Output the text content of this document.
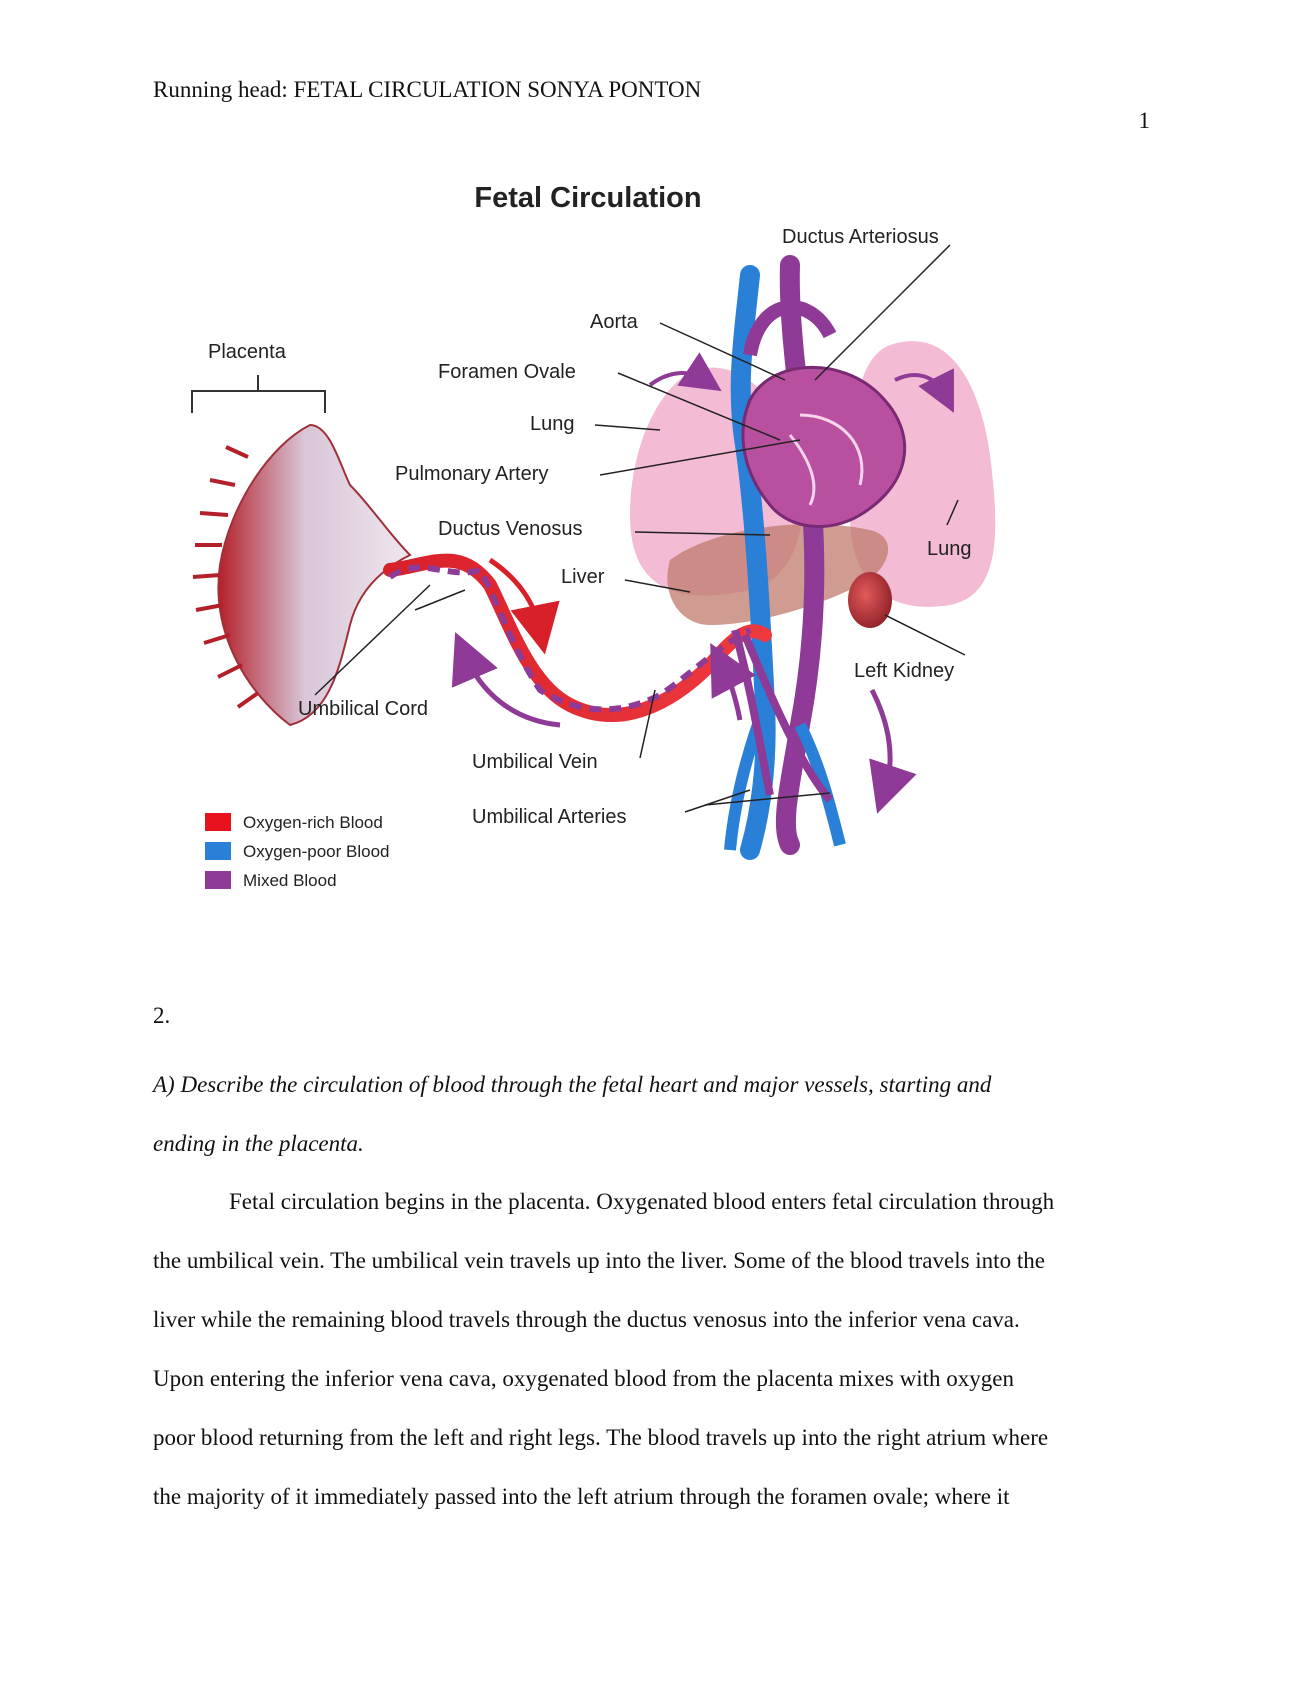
Running head: FETAL CIRCULATION SONYA PONTON
1
Fetal Circulation
Ductus Arteriosus
Aorta
Placenta
Foramen Ovale
Lung
Pulmonary Artery
Ductus Venosus
Lung
Liver
Left Kidney
Umbilical Cord
Umbilical Vein
Umbilical Arteries
Oxygen-rich Blood
Oxygen-poor Blood
Mixed Blood
2.
A) Describe the circulation of blood through the fetal heart and major vessels, starting and
ending in the placenta.

Fetal circulation begins in the placenta. Oxygenated blood enters fetal circulation through
the umbilical vein. The umbilical vein travels up into the liver. Some of the blood travels into the
liver while the remaining blood travels through the ductus venosus into the inferior vena cava.
Upon entering the inferior vena cava, oxygenated blood from the placenta mixes with oxygen
poor blood returning from the left and right legs. The blood travels up into the right atrium where
the majority of it immediately passed into the left atrium through the foramen ovale; where it
